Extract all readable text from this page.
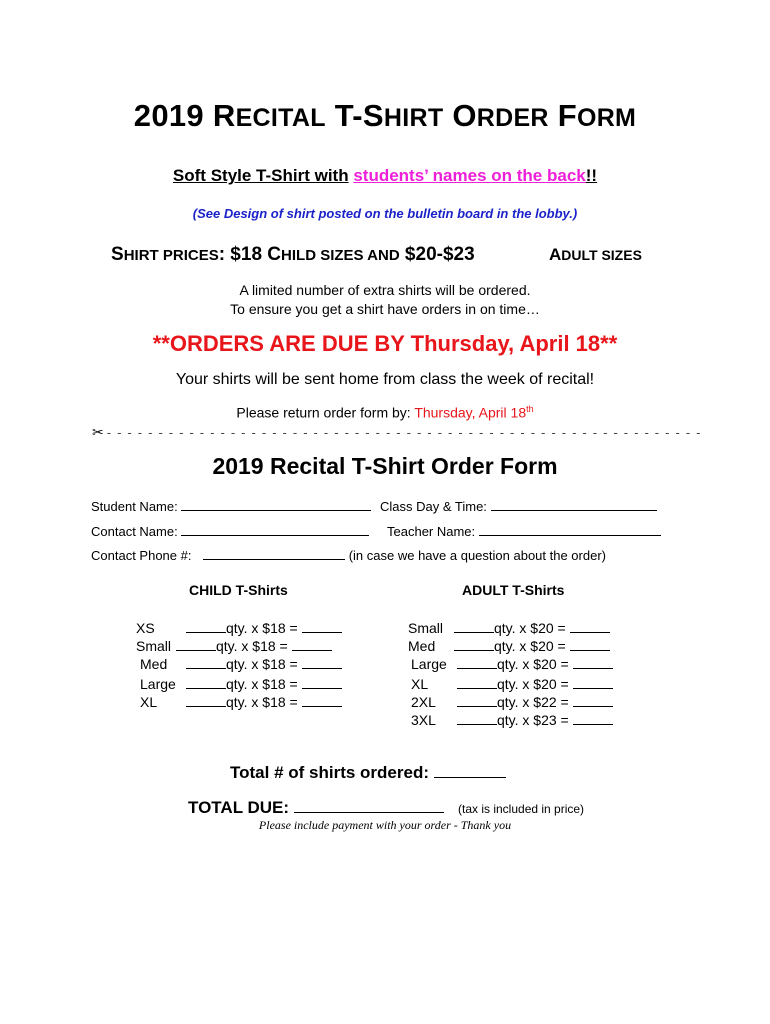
2019 RECITAL T-SHIRT ORDER FORM
Soft Style T-Shirt with students’ names on the back!!
(See Design of shirt posted on the bulletin board in the lobby.)
SHIRT PRICES: $18 CHILD SIZES AND $20-$23	ADULT SIZES
A limited number of extra shirts will be ordered.
To ensure you get a shirt have orders in on time…
**ORDERS ARE DUE BY Thursday, April 18**
Your shirts will be sent home from class the week of recital!
Please return order form by: Thursday, April 18th
✂ - - - - - - - - - - - - - - - - - - - - - - - - - - - - - - - - - - - - - - - - - - - - - - - - - - - - - - - - - -
2019 Recital T-Shirt Order Form
Student Name:	Class Day & Time:
Contact Name:	Teacher Name:
Contact Phone #:	(in case we have a question about the order)
CHILD T-Shirts	ADULT T-Shirts
XS	qty. x $18 =
Small	qty. x $18 =
Med	qty. x $18 =
Large	qty. x $18 =
XL	qty. x $18 =
Small	qty. x $20 =
Med	qty. x $20 =
Large	qty. x $20 =
XL	qty. x $20 =
2XL	qty. x $22 =
3XL	qty. x $23 =
Total # of shirts ordered:
TOTAL DUE:	(tax is included in price)
Please include payment with your order - Thank you
